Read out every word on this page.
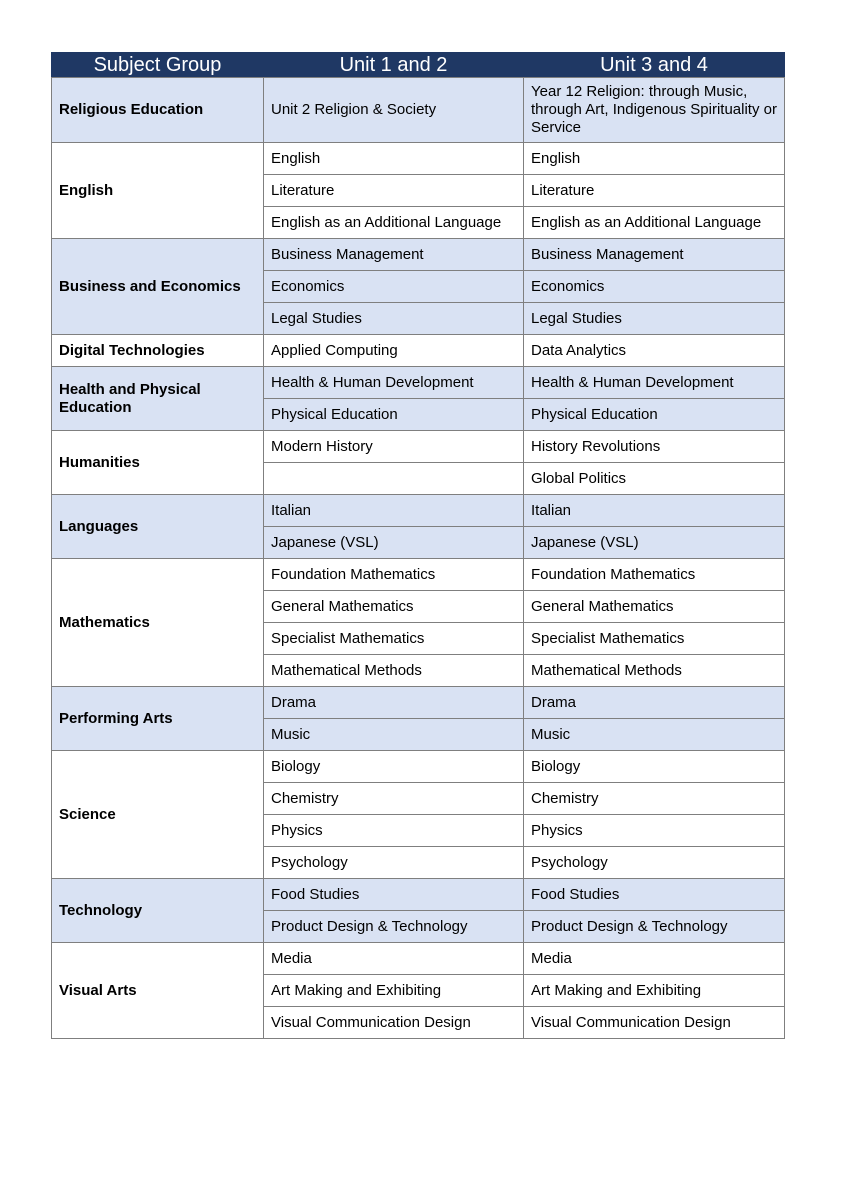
Subject Group	Unit 1 and 2	Unit 3 and 4
Religious Education	Unit 2 Religion & Society	Year 12 Religion: through Music, through Art, Indigenous Spirituality or Service
English	English	English
	Literature	Literature
	English as an Additional Language	English as an Additional Language
Business and Economics	Business Management	Business Management
	Economics	Economics
	Legal Studies	Legal Studies
Digital Technologies	Applied Computing	Data Analytics
Health and Physical Education	Health & Human Development	Health & Human Development
	Physical Education	Physical Education
Humanities	Modern History	History Revolutions
		Global Politics
Languages	Italian	Italian
	Japanese (VSL)	Japanese (VSL)
Mathematics	Foundation Mathematics	Foundation Mathematics
	General Mathematics	General Mathematics
	Specialist Mathematics	Specialist Mathematics
	Mathematical Methods	Mathematical Methods
Performing Arts	Drama	Drama
	Music	Music
Science	Biology	Biology
	Chemistry	Chemistry
	Physics	Physics
	Psychology	Psychology
Technology	Food Studies	Food Studies
	Product Design & Technology	Product Design & Technology
Visual Arts	Media	Media
	Art Making and Exhibiting	Art Making and Exhibiting
	Visual Communication Design	Visual Communication Design
